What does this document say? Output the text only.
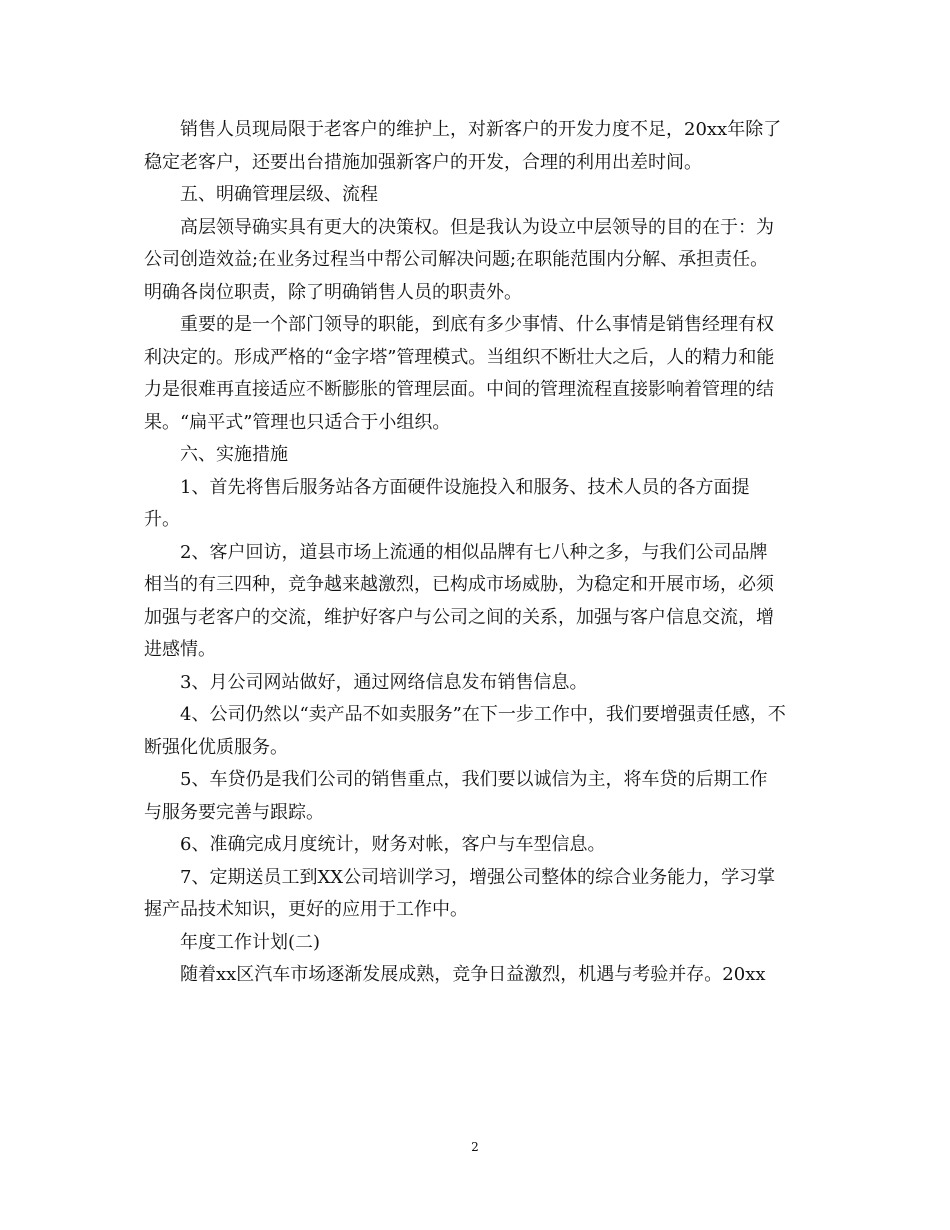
销售人员现局限于老客户的维护上，对新客户的开发力度不足，20xx年除了
稳定老客户，还要出台措施加强新客户的开发，合理的利用出差时间。
五、明确管理层级、流程
高层领导确实具有更大的决策权。但是我认为设立中层领导的目的在于：为
公司创造效益;在业务过程当中帮公司解决问题;在职能范围内分解、承担责任。
明确各岗位职责，除了明确销售人员的职责外。
重要的是一个部门领导的职能，到底有多少事情、什么事情是销售经理有权
利决定的。形成严格的“金字塔”管理模式。当组织不断壮大之后，人的精力和能
力是很难再直接适应不断膨胀的管理层面。中间的管理流程直接影响着管理的结
果。“扁平式”管理也只适合于小组织。
六、实施措施
1、首先将售后服务站各方面硬件设施投入和服务、技术人员的各方面提
升。
2、客户回访，道县市场上流通的相似品牌有七八种之多，与我们公司品牌
相当的有三四种，竞争越来越激烈，已构成市场威胁，为稳定和开展市场，必须
加强与老客户的交流，维护好客户与公司之间的关系，加强与客户信息交流，增
进感情。
3、月公司网站做好，通过网络信息发布销售信息。
4、公司仍然以“卖产品不如卖服务”在下一步工作中，我们要增强责任感，不
断强化优质服务。
5、车贷仍是我们公司的销售重点，我们要以诚信为主，将车贷的后期工作
与服务要完善与跟踪。
6、准确完成月度统计，财务对帐，客户与车型信息。
7、定期送员工到XX公司培训学习，增强公司整体的综合业务能力，学习掌
握产品技术知识，更好的应用于工作中。
年度工作计划(二)
随着xx区汽车市场逐渐发展成熟，竞争日益激烈，机遇与考验并存。20xx
2
